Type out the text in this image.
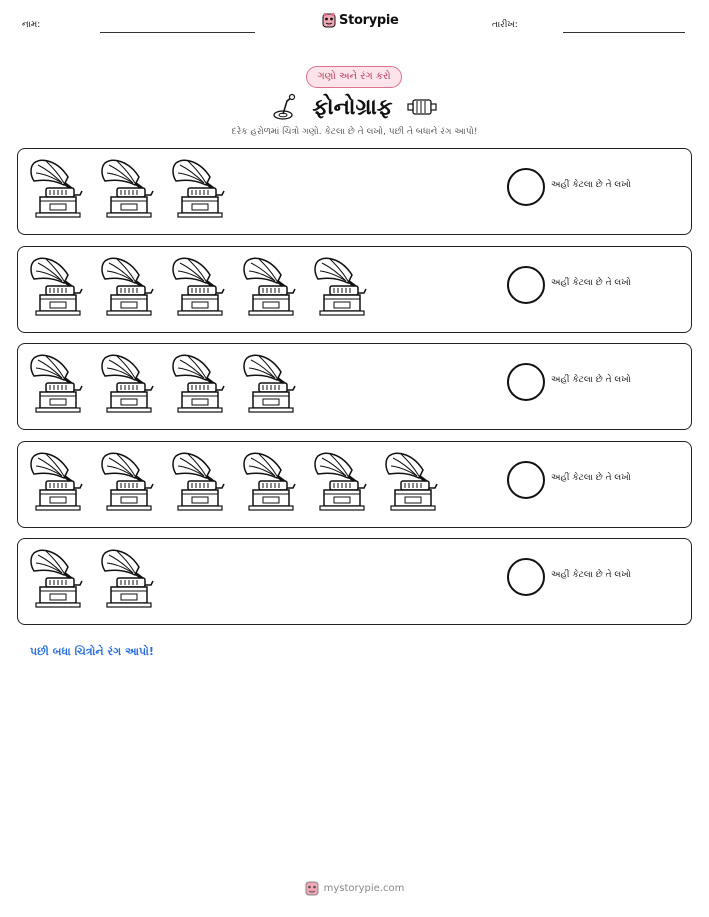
નામ:	Storypie	તારીખ:
ગણો અને રંગ કરો
ફોનોગ્રાફ
દરેક હરોળમાં ચિત્રો ગણો. કેટલા છે તે લખો, પછી તે બધાને રંગ આપો!
અહીં કેટલા છે તે લખો
અહીં કેટલા છે તે લખો
અહીં કેટલા છે તે લખો
અહીં કેટલા છે તે લખો
અહીં કેટલા છે તે લખો
પછી બધા ચિત્રોને રંગ આપો!
mystorypie.com
